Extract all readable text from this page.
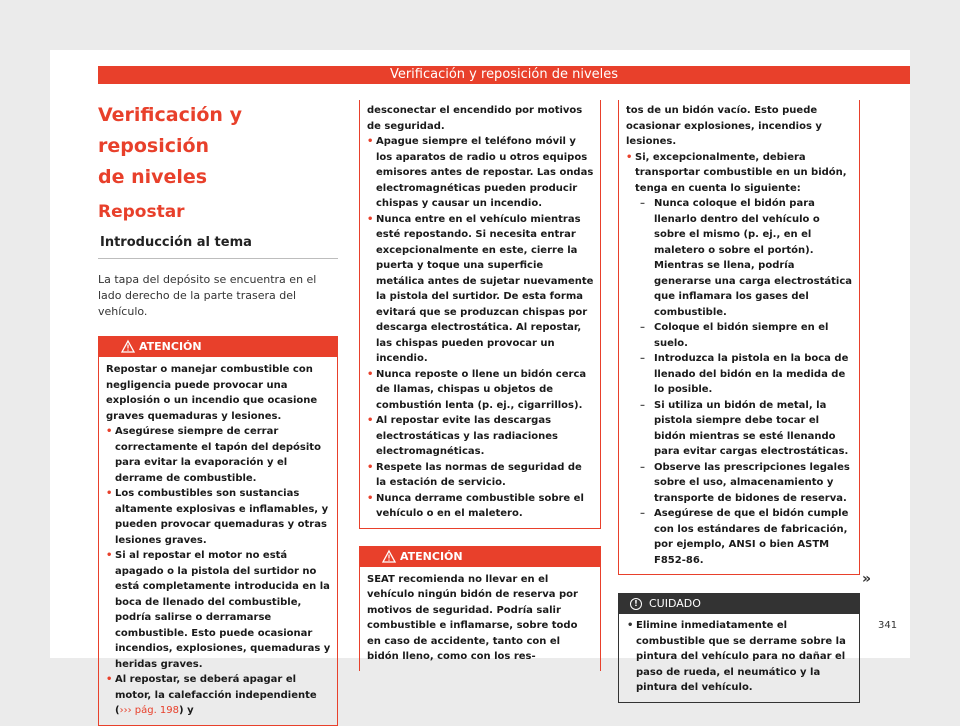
Verificación y reposición de niveles
Verificación y reposición
de niveles
Repostar
Introducción al tema
La tapa del depósito se encuentra en el lado derecho de la parte trasera del vehículo.
ATENCIÓN
Repostar o manejar combustible con negligencia puede provocar una explosión o un incendio que ocasione graves quemaduras y lesiones.
• Asegúrese siempre de cerrar correctamente el tapón del depósito para evitar la evaporación y el derrame de combustible.
• Los combustibles son sustancias altamente explosivas e inflamables, y pueden provocar quemaduras y otras lesiones graves.
• Si al repostar el motor no está apagado o la pistola del surtidor no está completamente introducida en la boca de llenado del combustible, podría salirse o derramarse combustible. Esto puede ocasionar incendios, explosiones, quemaduras y heridas graves.
• Al repostar, se deberá apagar el motor, la calefacción independiente (››› pág. 198) y
desconectar el encendido por motivos de seguridad.
• Apague siempre el teléfono móvil y los aparatos de radio u otros equipos emisores antes de repostar. Las ondas electromagnéticas pueden producir chispas y causar un incendio.
• Nunca entre en el vehículo mientras esté repostando. Si necesita entrar excepcionalmente en este, cierre la puerta y toque una superficie metálica antes de sujetar nuevamente la pistola del surtidor. De esta forma evitará que se produzcan chispas por descarga electrostática. Al repostar, las chispas pueden provocar un incendio.
• Nunca reposte o llene un bidón cerca de llamas, chispas u objetos de combustión lenta (p. ej., cigarrillos).
• Al repostar evite las descargas electrostáticas y las radiaciones electromagnéticas.
• Respete las normas de seguridad de la estación de servicio.
• Nunca derrame combustible sobre el vehículo o en el maletero.
ATENCIÓN
SEAT recomienda no llevar en el vehículo ningún bidón de reserva por motivos de seguridad. Podría salir combustible e inflamarse, sobre todo en caso de accidente, tanto con el bidón lleno, como con los res-
tos de un bidón vacío. Esto puede ocasionar explosiones, incendios y lesiones.
• Si, excepcionalmente, debiera transportar combustible en un bidón, tenga en cuenta lo siguiente:
– Nunca coloque el bidón para llenarlo dentro del vehículo o sobre el mismo (p. ej., en el maletero o sobre el portón). Mientras se llena, podría generarse una carga electrostática que inflamara los gases del combustible.
– Coloque el bidón siempre en el suelo.
– Introduzca la pistola en la boca de llenado del bidón en la medida de lo posible.
– Si utiliza un bidón de metal, la pistola siempre debe tocar el bidón mientras se esté llenando para evitar cargas electrostáticas.
– Observe las prescripciones legales sobre el uso, almacenamiento y transporte de bidones de reserva.
– Asegúrese de que el bidón cumple con los estándares de fabricación, por ejemplo, ANSI o bien ASTM F852-86.
!	CUIDADO
• Elimine inmediatamente el combustible que se derrame sobre la pintura del vehículo para no dañar el paso de rueda, el neumático y la pintura del vehículo.
»
341
